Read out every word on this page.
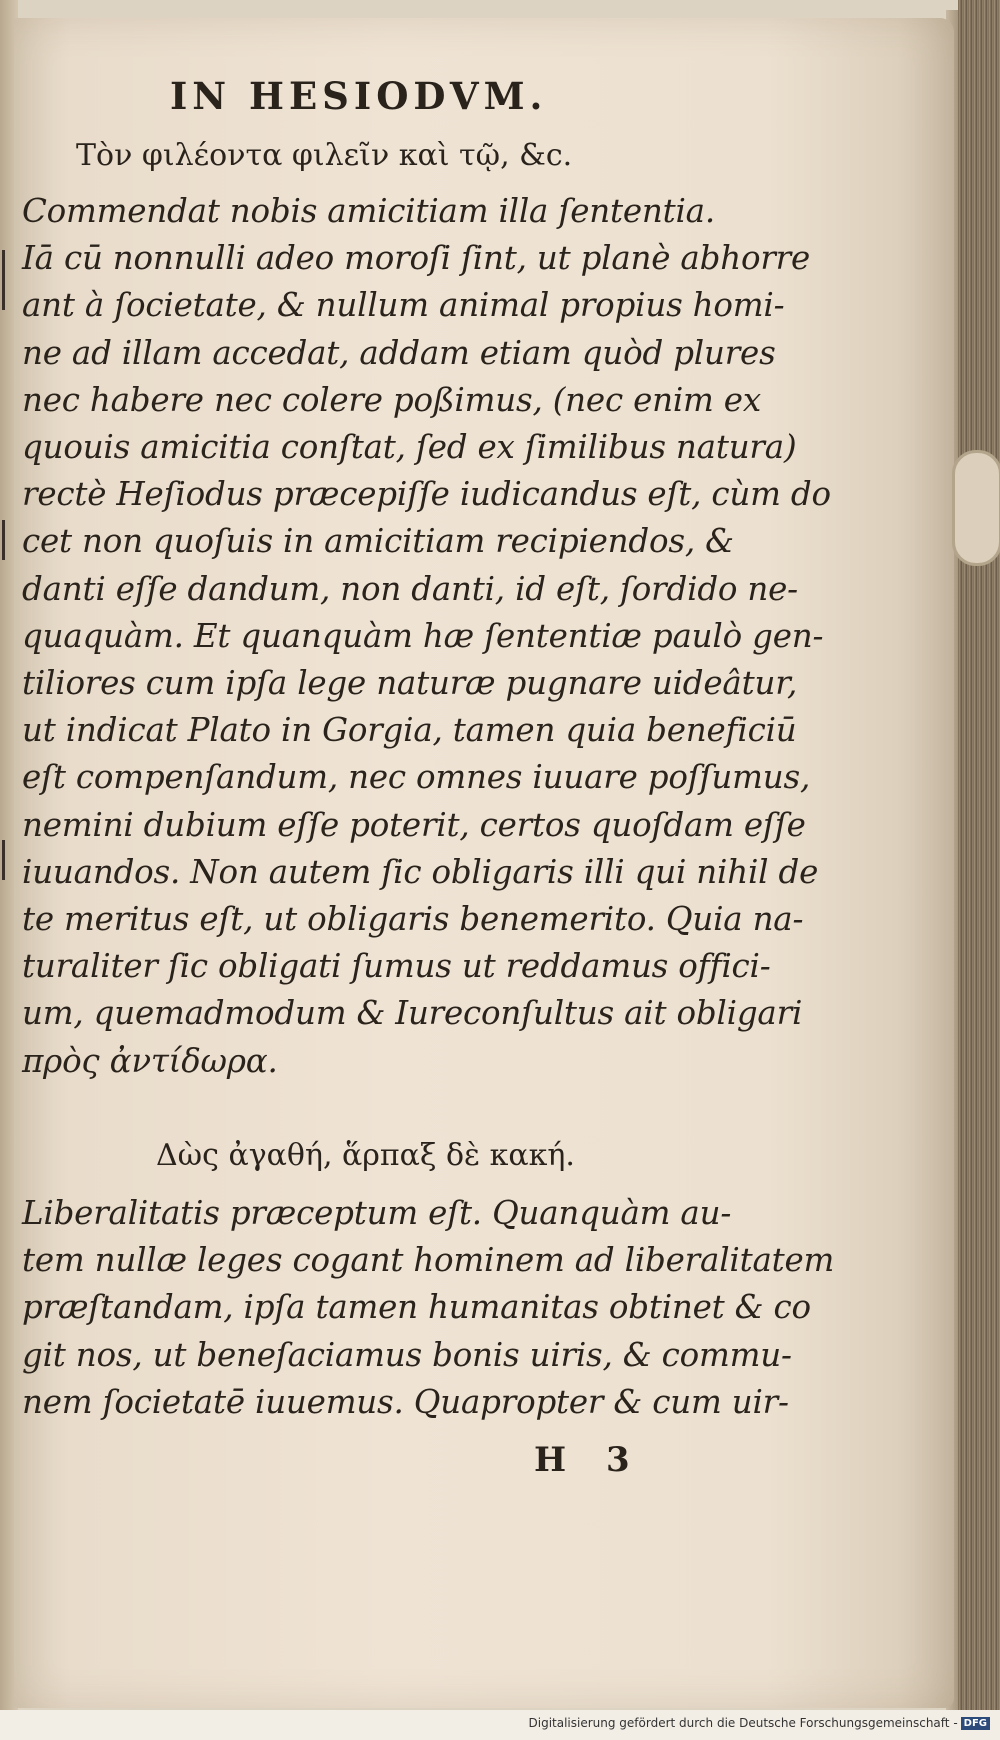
IN HESIODVM.
Τὸν φιλέοντα φιλεῖν καὶ τῷ, &c.
Commendat nobis amicitiam illa ſententia.
Iā cū nonnulli adeo moroſi ſint, ut planè abhorre
ant à ſocietate, & nullum animal propius homi-
ne ad illam accedat, addam etiam quòd plures
nec habere nec colere poßimus, (nec enim ex
quouis amicitia conſtat, ſed ex ſimilibus natura)
rectè Heſiodus præcepiſſe iudicandus eſt, cùm do
cet non quoſuis in amicitiam recipiendos, &
danti eſſe dandum, non danti, id eſt, ſordido ne-
quaquàm. Et quanquàm hæ ſententiæ paulò gen-
tiliores cum ipſa lege naturæ pugnare uideâtur,
ut indicat Plato in Gorgia, tamen quia beneficiū
eſt compenſandum, nec omnes iuuare poſſumus,
nemini dubium eſſe poterit, certos quoſdam eſſe
iuuandos. Non autem ſic obligaris illi qui nihil de
te meritus eſt, ut obligaris benemerito. Quia na-
turaliter ſic obligati ſumus ut reddamus offici-
um, quemadmodum & Iureconſultus ait obligari
πρὸς ἀντίδωρα.
Δὼς ἀγαθή, ἅρπαξ δὲ κακή.
Liberalitatis præceptum eſt. Quanquàm au-
tem nullæ leges cogant hominem ad liberalitatem
præſtandam, ipſa tamen humanitas obtinet & co
git nos, ut beneſaciamus bonis uiris, & commu-
nem ſocietatē iuuemus. Quapropter & cum uir-
H 3
Digitalisierung gefördert durch die Deutsche Forschungsgemeinschaft - DFG
